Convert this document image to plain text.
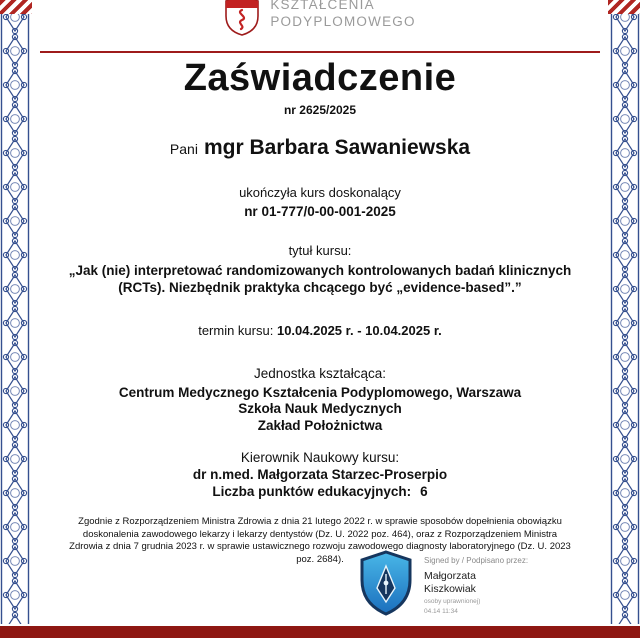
KSZTAŁCENIA
PODYPLOMOWEGO
Zaświadczenie
nr 2625/2025
Pani mgr Barbara Sawaniewska
ukończyła kurs doskonalący
nr 01-777/0-00-001-2025
tytuł kursu:
„Jak (nie) interpretować randomizowanych kontrolowanych badań klinicznych (RCTs). Niezbędnik praktyka chcącego być „evidence-based”.”
termin kursu: 10.04.2025 r. - 10.04.2025 r.
Jednostka kształcąca:
Centrum Medycznego Kształcenia Podyplomowego, Warszawa
Szkoła Nauk Medycznych
Zakład Położnictwa
Kierownik Naukowy kursu:
dr n.med. Małgorzata Starzec-Proserpio
Liczba punktów edukacyjnych: 6
Zgodnie z Rozporządzeniem Ministra Zdrowia z dnia 21 lutego 2022 r. w sprawie sposobów dopełnienia obowiązku doskonalenia zawodowego lekarzy i lekarzy dentystów (Dz. U. 2022 poz. 464), oraz z Rozporządzeniem Ministra Zdrowia z dnia 7 grudnia 2023 r. w sprawie ustawicznego rozwoju zawodowego diagnosty laboratoryjnego (Dz. U. 2023 poz. 2684).	Signed by / Podpisano przez:
Małgorzata Kiszkowiak
osoby uprawnionej)
04.14 11:34
